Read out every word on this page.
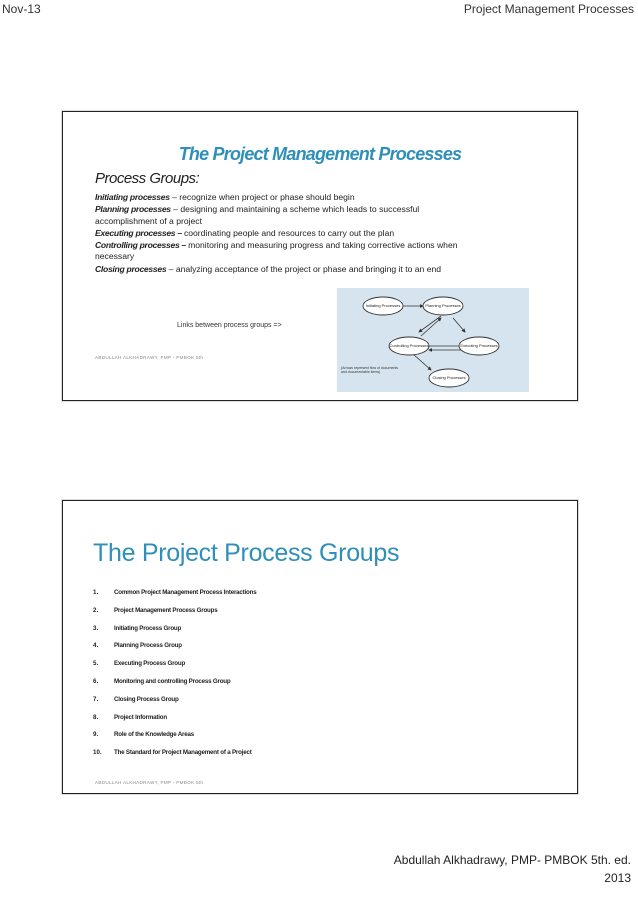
Nov-13	Project Management Processes
The Project Management Processes
Process Groups:
Initiating processes – recognize when project or phase should begin
Planning processes – designing and maintaining a scheme which leads to successful accomplishment of a project
Executing processes – coordinating people and resources to carry out the plan
Controlling processes – monitoring and measuring progress and taking corrective actions when necessary
Closing processes – analyzing acceptance of the project or phase and bringing it to an end
Links between process groups =>
Initiating Processes	Planning Processes
Controlling Processes	Executing Processes
Closing Processes
(Arrows represent flow of documents and documentable items)
ABDULLAH ALKHADRAWY, PMP - PMBOK 5th
The Project Process Groups
1.	Common Project Management Process Interactions
2.	Project Management Process Groups
3.	Initiating Process Group
4.	Planning Process Group
5.	Executing Process Group
6.	Monitoring and controlling Process Group
7.	Closing Process Group
8.	Project Information
9.	Role of the Knowledge Areas
10.	The Standard for Project Management of a Project
ABDULLAH ALKHADRAWY, PMP - PMBOK 5th
Abdullah Alkhadrawy, PMP- PMBOK 5th. ed.
2013
